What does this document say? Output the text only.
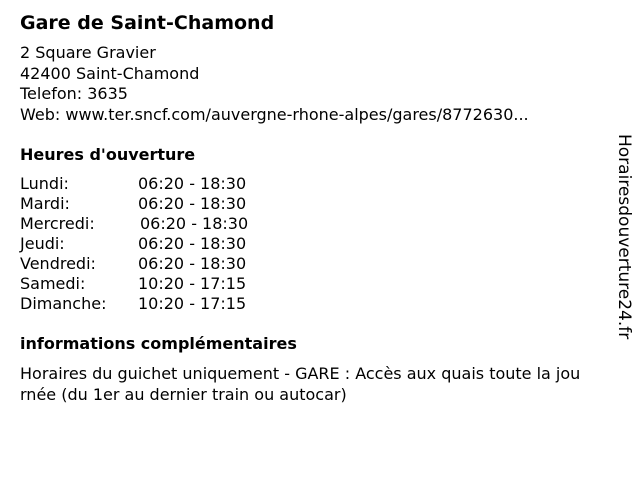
Gare de Saint-Chamond
2 Square Gravier
42400 Saint-Chamond
Telefon: 3635
Web: www.ter.sncf.com/auvergne-rhone-alpes/gares/8772630...
Heures d'ouverture
Lundi:	06:20 - 18:30
Mardi:	06:20 - 18:30
Mercredi:	06:20 - 18:30
Jeudi:	06:20 - 18:30
Vendredi:	06:20 - 18:30
Samedi:	10:20 - 17:15
Dimanche: 10:20 - 17:15
informations complémentaires
Horaires du guichet uniquement - GARE : Accès aux quais toute la jou
rnée (du 1er au dernier train ou autocar)
Horairesdouverture24.fr
